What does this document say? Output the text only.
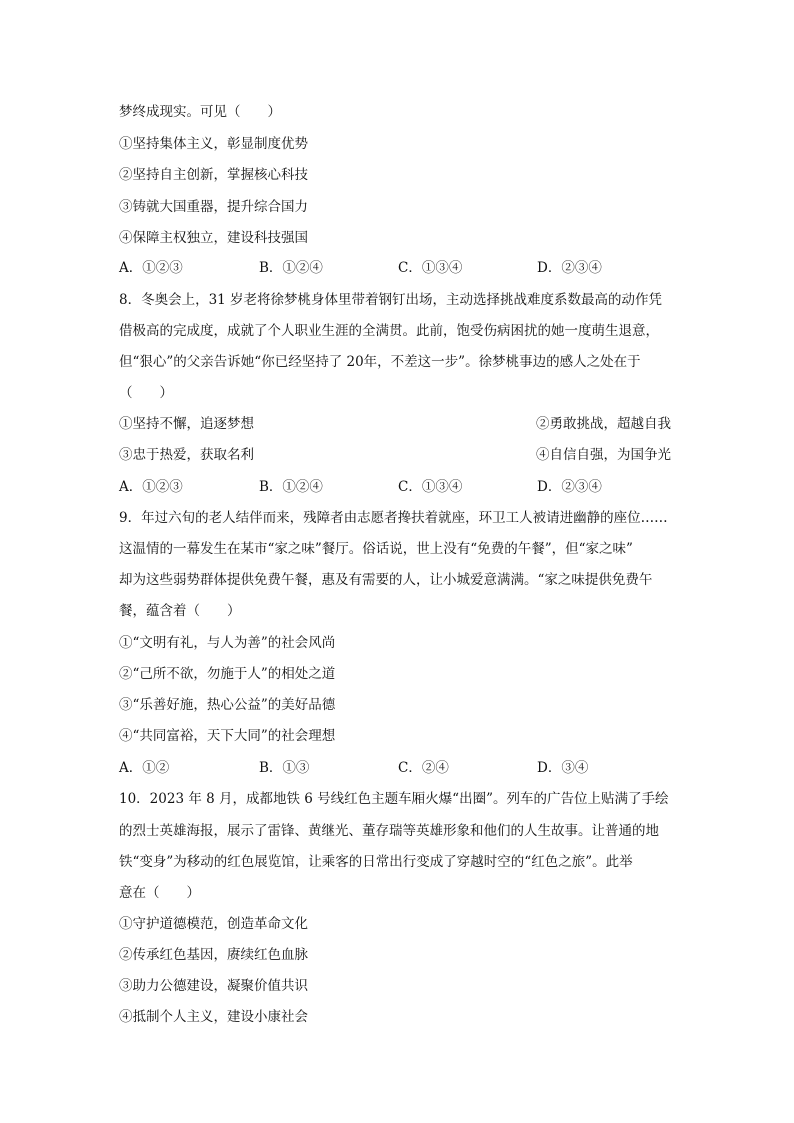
梦终成现实。可见（　　）
①坚持集体主义，彰显制度优势
②坚持自主创新，掌握核心科技
③铸就大国重器，提升综合国力
④保障主权独立，建设科技强国
A．①②③	B．①②④	C．①③④	D．②③④
8．冬奥会上，31 岁老将徐梦桃身体里带着钢钉出场，主动选择挑战难度系数最高的动作凭
借极高的完成度，成就了个人职业生涯的全满贯。此前，饱受伤病困扰的她一度萌生退意，
但“狠心”的父亲告诉她“你已经坚持了 20年，不差这一步”。徐梦桃事边的感人之处在于
（　　）
①坚持不懈，追逐梦想	②勇敢挑战，超越自我
③忠于热爱，获取名利	④自信自强，为国争光
A．①②③	B．①②④	C．①③④	D．②③④
9．年过六旬的老人结伴而来，残障者由志愿者搀扶着就座，环卫工人被请进幽静的座位……
这温情的一幕发生在某市“家之味”餐厅。俗话说，世上没有“免费的午餐”，但“家之味”
却为这些弱势群体提供免费午餐，惠及有需要的人，让小城爱意满满。“家之味提供免费午
餐，蕴含着（　　）
①“文明有礼，与人为善”的社会风尚
②“己所不欲，勿施于人”的相处之道
③“乐善好施，热心公益”的美好品德
④“共同富裕，天下大同”的社会理想
A．①②	B．①③	C．②④	D．③④
10．2023 年 8 月，成都地铁 6 号线红色主题车厢火爆“出圈”。列车的广告位上贴满了手绘
的烈士英雄海报，展示了雷锋、黄继光、董存瑞等英雄形象和他们的人生故事。让普通的地
铁“变身”为移动的红色展览馆，让乘客的日常出行变成了穿越时空的“红色之旅”。此举
意在（　　）
①守护道德模范，创造革命文化
②传承红色基因，赓续红色血脉
③助力公德建设，凝聚价值共识
④抵制个人主义，建设小康社会
